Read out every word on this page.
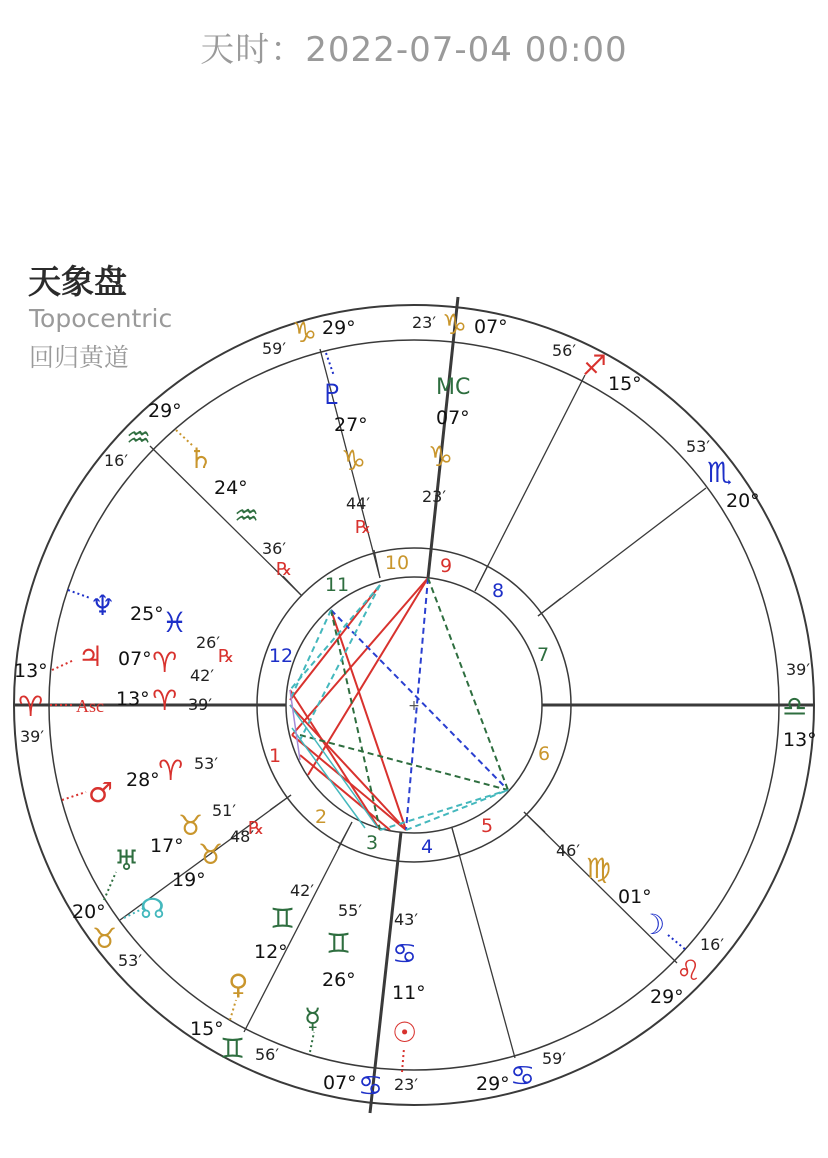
天时：2022-07-04 00:00
天象盘
Topocentric
回归黄道
+
1
2
3 4
5
6
7
8
9
10
11
12
13°
♈
39′
20°
♉
53′
15°
♊ 56′
07° ♋ 23′	29° ♋
59′
29°
♌
16′
39′
♎
13°
53′
♏
20°
56′ ♐
15°
23′ ♑ 07°
♑ 29°
59′
29°
♒
16′
MC
07°
♑
23′
♇
27°
♑
44′
℞
♄
24°
♒
36′
℞
♆ 25°
♓
26′
℞
♃ 07° ♈ 42′
Asc 13° ♈ 39′
♂ 28°
♈ 53′
♅ 17°
♉ 51′
☊
19°
♉
48′
℞
♀
12°
♊
42′
☿
26°
♊
55′
☉
11°
♋
43′	☽
01°
♍
46′
